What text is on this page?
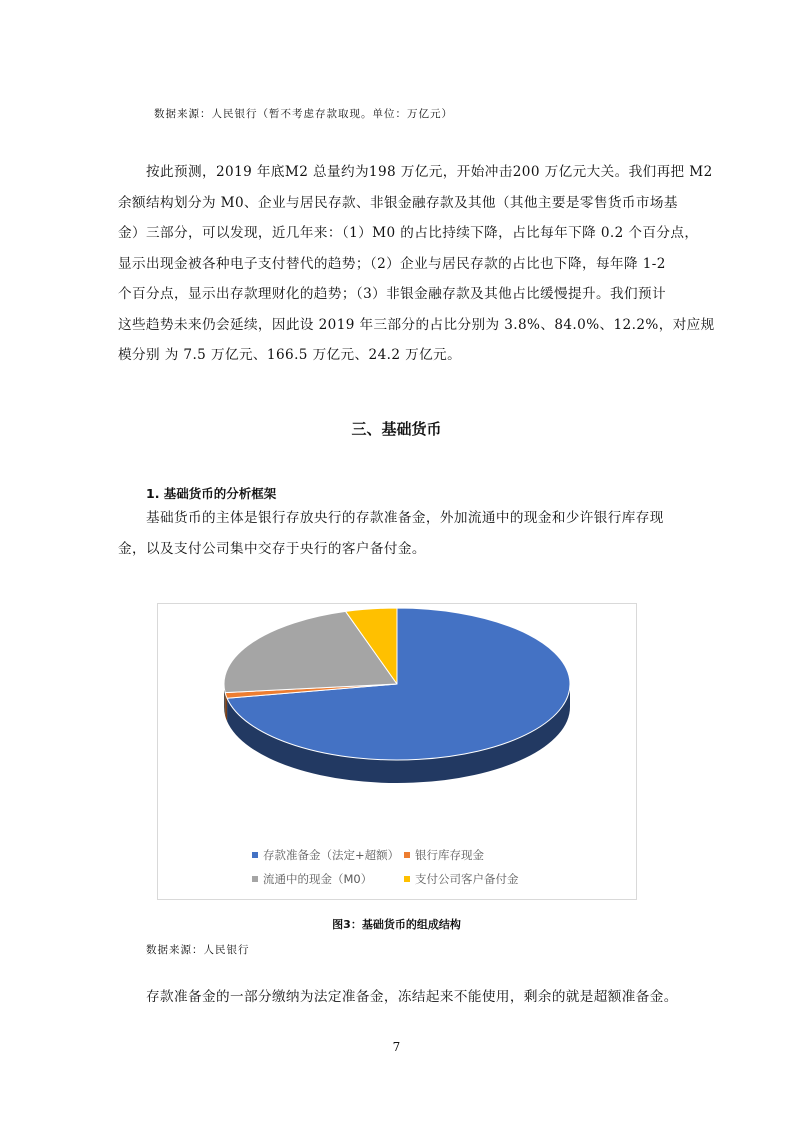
数据来源：人民银行（暂不考虑存款取现。单位：万亿元）
按此预测，2019 年底M2 总量约为198 万亿元，开始冲击200 万亿元大关。我们再把 M2
余额结构划分为 M0、企业与居民存款、非银金融存款及其他（其他主要是零售货币市场基
金）三部分，可以发现，近几年来：（1）M0 的占比持续下降，占比每年下降 0.2 个百分点，
显示出现金被各种电子支付替代的趋势；（2）企业与居民存款的占比也下降，每年降 1-2
个百分点，显示出存款理财化的趋势；（3）非银金融存款及其他占比缓慢提升。我们预计
这些趋势未来仍会延续，因此设 2019 年三部分的占比分别为 3.8%、84.0%、12.2%，对应规
模分别 为 7.5 万亿元、166.5 万亿元、24.2 万亿元。
三、基础货币
1. 基础货币的分析框架
基础货币的主体是银行存放央行的存款准备金，外加流通中的现金和少许银行库存现
金，以及支付公司集中交存于央行的客户备付金。
存款准备金（法定+超额）	银行库存现金
流通中的现金（M0）	支付公司客户备付金
图3：基础货币的组成结构
数据来源：人民银行
存款准备金的一部分缴纳为法定准备金，冻结起来不能使用，剩余的就是超额准备金。
7
